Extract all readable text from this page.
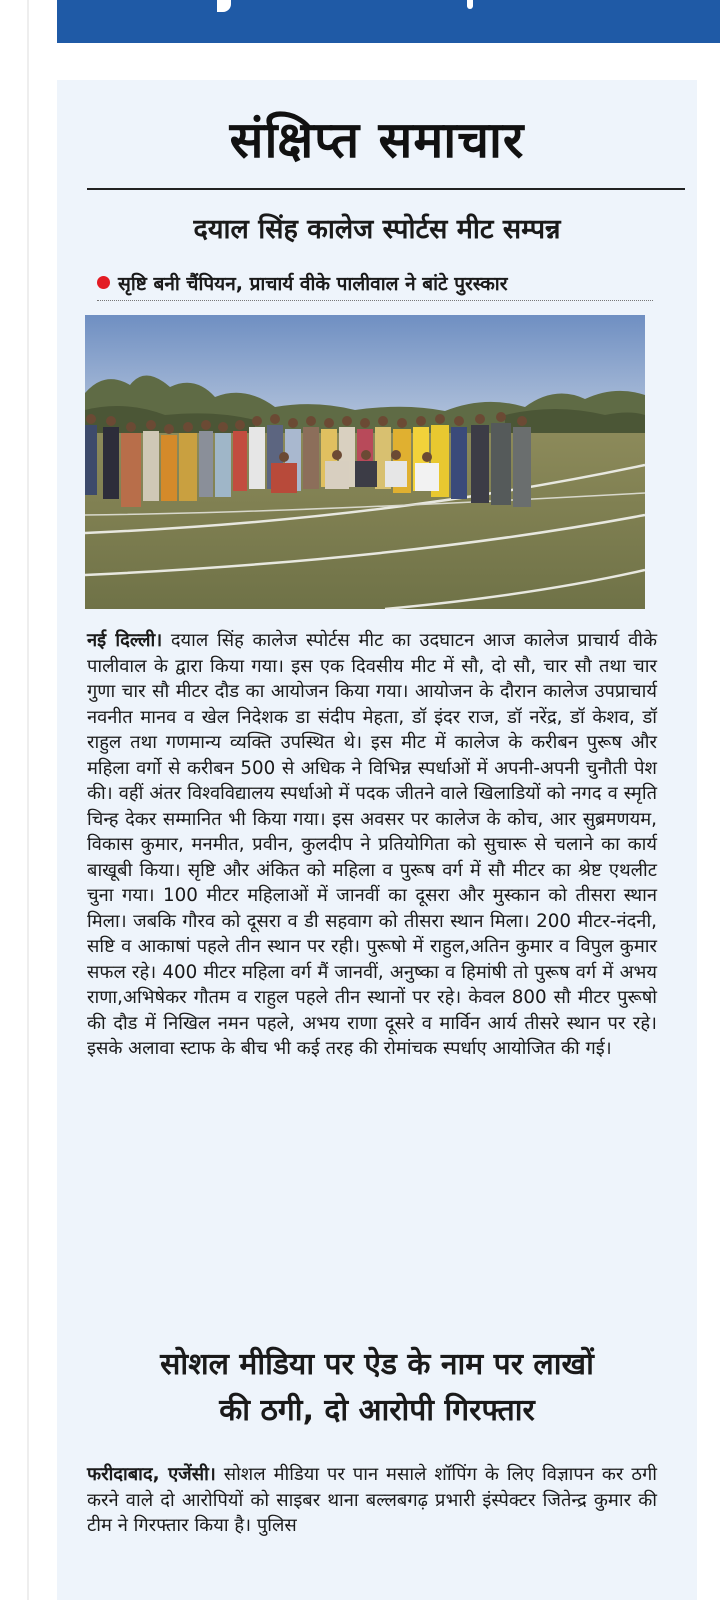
संक्षिप्त समाचार
दयाल सिंह कालेज स्पोर्टस मीट सम्पन्न
सृष्टि बनी चैंपियन, प्राचार्य वीके पालीवाल ने बांटे पुरस्कार
नई दिल्ली। दयाल सिंह कालेज स्पोर्टस मीट का उदघाटन आज कालेज प्राचार्य वीके पालीवाल के द्वारा किया गया। इस एक दिवसीय मीट में सौ, दो सौ, चार सौ तथा चार गुणा चार सौ मीटर दौड का आयोजन किया गया। आयोजन के दौरान कालेज उपप्राचार्य नवनीत मानव व खेल निदेशक डा संदीप मेहता, डॉ इंदर राज, डॉ नरेंद्र, डॉ केशव, डॉ राहुल तथा गणमान्य व्यक्ति उपस्थित थे। इस मीट में कालेज के करीबन पुरूष और महिला वर्गो से करीबन 500 से अधिक ने विभिन्न स्पर्धाओं में अपनी-अपनी चुनौती पेश की। वहीं अंतर विश्वविद्यालय स्पर्धाओ में पदक जीतने वाले खिलाडियों को नगद व स्मृति चिन्ह देकर सम्मानित भी किया गया। इस अवसर पर कालेज के कोच, आर सुब्रमणयम, विकास कुमार, मनमीत, प्रवीन, कुलदीप ने प्रतियोगिता को सुचारू से चलाने का कार्य बाखूबी किया। सृष्टि और अंकित को महिला व पुरूष वर्ग में सौ मीटर का श्रेष्ट एथलीट चुना गया। 100 मीटर महिलाओं में जानवीं का दूसरा और मुस्कान को तीसरा स्थान मिला। जबकि गौरव को दूसरा व डी सहवाग को तीसरा स्थान मिला। 200 मीटर-नंदनी, सष्टि व आकाषां पहले तीन स्थान पर रही। पुरूषो में राहुल,अतिन कुमार व विपुल कुमार सफल रहे। 400 मीटर महिला वर्ग मैं जानवीं, अनुष्का व हिमांषी तो पुरूष वर्ग में अभय राणा,अभिषेकर गौतम व राहुल पहले तीन स्थानों पर रहे। केवल 800 सौ मीटर पुरूषो की दौड में निखिल नमन पहले, अभय राणा दूसरे व मार्विन आर्य तीसरे स्थान पर रहे। इसके अलावा स्टाफ के बीच भी कई तरह की रोमांचक स्पर्धाए आयोजित की गई।
सोशल मीडिया पर ऐड के नाम पर लाखों
की ठगी, दो आरोपी गिरफ्तार
फरीदाबाद, एजेंसी। सोशल मीडिया पर पान मसाले शॉपिंग के लिए विज्ञापन कर ठगी करने वाले दो आरोपियों को साइबर थाना बल्लबगढ़ प्रभारी इंस्पेक्टर जितेन्द्र कुमार की टीम ने गिरफ्तार किया है। पुलिस
